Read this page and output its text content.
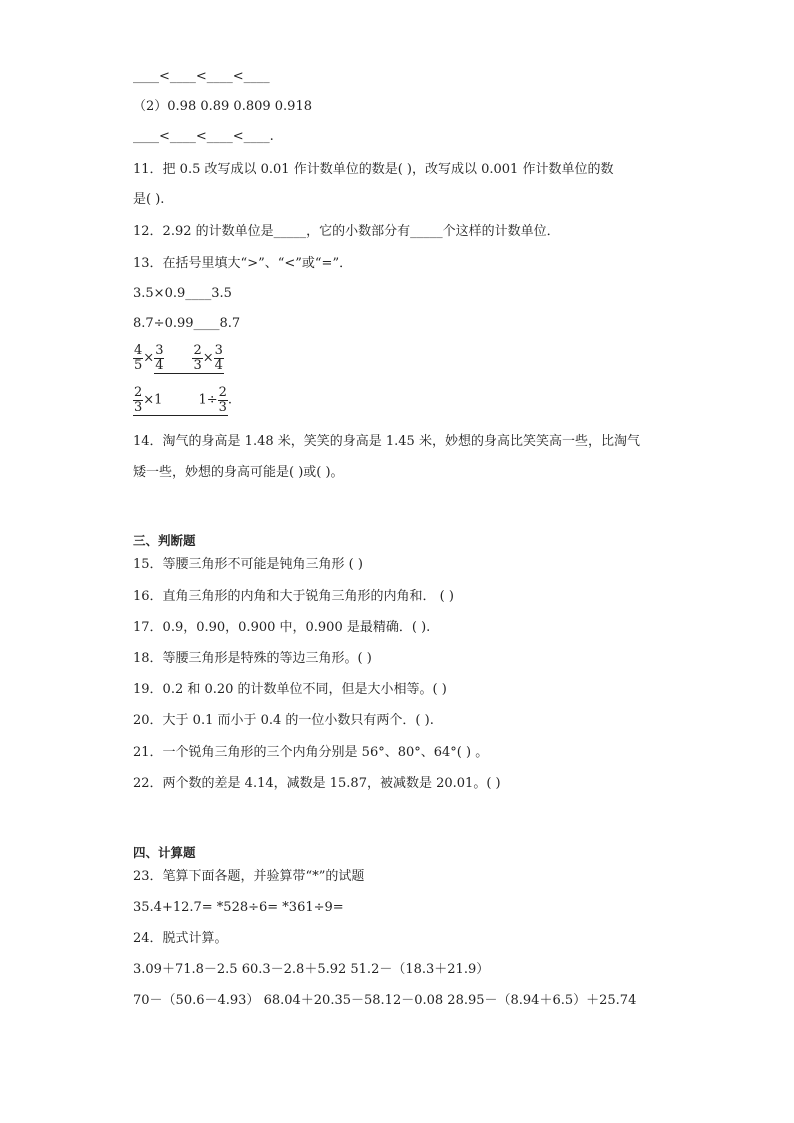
____<____<____<____
（2）0.98 0.89 0.809 0.918
____<____<____<____.
11．把 0.5 改写成以 0.01 作计数单位的数是( )，改写成以 0.001 作计数单位的数
是( ).
12．2.92 的计数单位是_____，它的小数部分有_____个这样的计数单位．
13．在括号里填大“>”、“<”或“=”．
3.5×0.9____3.5
8.7÷0.99____8.7
$\frac{4}{5} \times \frac{3}{4} \frac{2}{3} \times \frac{3}{4}$
$\frac{2}{3} \times 1$	$1\div \frac{2}{3}$ .
14．淘气的身高是 1.48 米，笑笑的身高是 1.45 米，妙想的身高比笑笑高一些，比淘气
矮一些，妙想的身高可能是( )或( )。
三、判断题
15．等腰三角形不可能是钝角三角形 ( )
16．直角三角形的内角和大于锐角三角形的内角和． ( )
17．0.9，0.90，0.900 中，0.900 是最精确．( ).
18．等腰三角形是特殊的等边三角形。( )
19．0.2 和 0.20 的计数单位不同，但是大小相等。( )
20．大于 0.1 而小于 0.4 的一位小数只有两个．( ).
21．一个锐角三角形的三个内角分别是 56°、80°、64°( ) 。
22．两个数的差是 4.14，减数是 15.87，被减数是 20.01。( )
四、计算题
23．笔算下面各题，并验算带“*”的试题
35.4+12.7= *528÷6= *361÷9=
24．脱式计算。
3.09＋71.8－2.5 60.3－2.8＋5.92 51.2－（18.3＋21.9）
70－（50.6－4.93） 68.04＋20.35－58.12－0.08 28.95－（8.94＋6.5）＋25.74
